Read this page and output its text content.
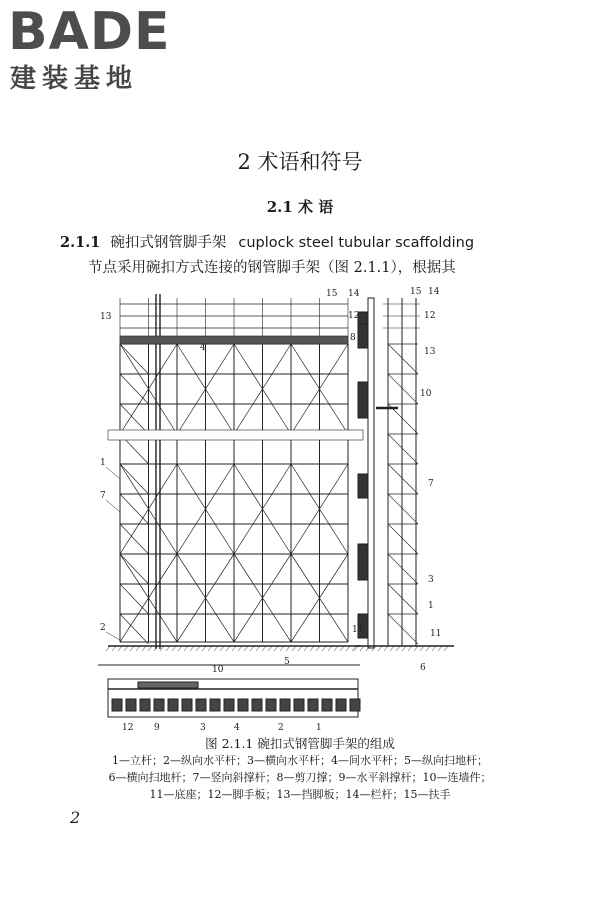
BADE
建装基地
2 术语和符号
2.1 术 语
2.1.1 碗扣式钢管脚手架 cuplock steel tubular scaffolding
节点采用碗扣方式连接的钢管脚手架（图 2.1.1），根据其
1
7
2
13
4
15 14
12
8
11
5
15 14
12
13
10
7
3
1
11
6
10
12 9	3	4	2	1
图 2.1.1 碗扣式钢管脚手架的组成
1—立杆；2—纵向水平杆；3—横向水平杆；4—间水平杆；5—纵向扫地杆；
6—横向扫地杆；7—竖向斜撑杆；8—剪刀撑；9—水平斜撑杆；10—连墙件；
11—底座；12—脚手板；13—挡脚板；14—栏杆；15—扶手
2
